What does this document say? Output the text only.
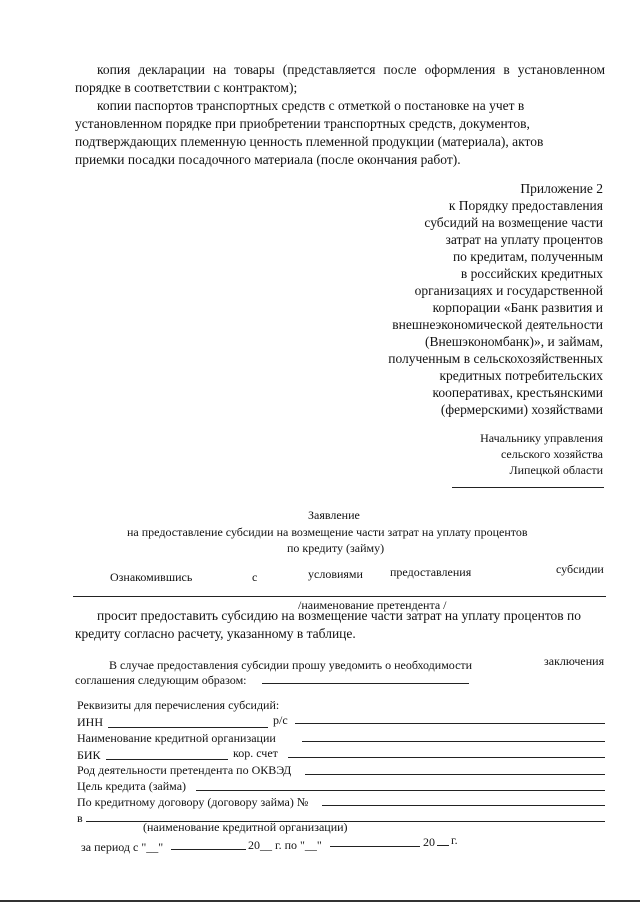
копия декларации на товары (представляется после оформления в установленном порядке в соответствии с контрактом);
копии паспортов транспортных средств с отметкой о постановке на учет в
установленном порядке при приобретении транспортных средств, документов,
подтверждающих племенную ценность племенной продукции (материала), актов
приемки посадки посадочного материала (после окончания работ).
Приложение 2
к Порядку предоставления
субсидий на возмещение части
затрат на уплату процентов
по кредитам, полученным
в российских кредитных
организациях и государственной
корпорации «Банк развития и
внешнеэкономической деятельности
(Внешэкономбанк)», и займам,
полученным в сельскохозяйственных
кредитных потребительских
кооперативах, крестьянскими
(фермерскими) хозяйствами
Начальнику управления
сельского хозяйства
Липецкой области
Заявление
на предоставление субсидии на возмещение части затрат на уплату процентов
по кредиту (займу)
Ознакомившись	с	условиями предоставления	субсидии
/наименование претендента /
просит предоставить субсидию на возмещение части затрат на уплату процентов по
кредиту согласно расчету, указанному в таблице.
В случае предоставления субсидии прошу уведомить о необходимости	заключения
соглашения следующим образом:
Реквизиты для перечисления субсидий:
ИНН	р/с
Наименование кредитной организации
БИК	кор. счет
Род деятельности претендента по ОКВЭД
Цель кредита (займа)
По кредитному договору (договору займа) №
в
(наименование кредитной организации)
за период с "__"	20__ г. по "__"	20 г.
